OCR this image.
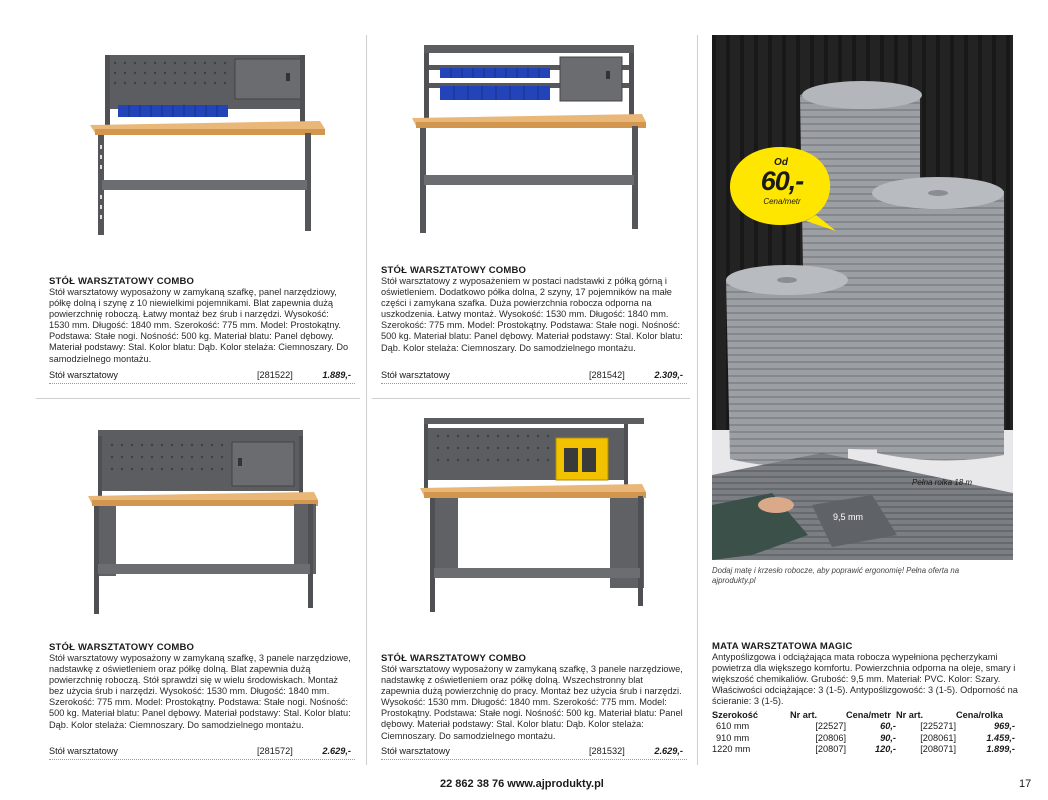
STÓŁ WARSZTATOWY COMBO

Stół warsztatowy wyposażony w zamykaną szafkę, panel narzędziowy, półkę dolną i szynę z 10 niewielkimi pojemnikami. Blat zapewnia dużą powierzchnię roboczą. Łatwy montaż bez śrub i narzędzi. Wysokość: 1530 mm. Długość: 1840 mm. Szerokość: 775 mm. Model: Prostokątny. Podstawa: Stałe nogi. Nośność: 500 kg. Materiał blatu: Panel dębowy. Materiał podstawy: Stal. Kolor blatu: Dąb. Kolor stelaża: Ciemnoszary. Do samodzielnego montażu.

Stół warsztatowy	[281522]	1.889,-

STÓŁ WARSZTATOWY COMBO

Stół warsztatowy z wyposażeniem w postaci nadstawki z półką górną i oświetleniem. Dodatkowo półka dolna, 2 szyny, 17 pojemników na małe części i zamykana szafka. Duża powierzchnia robocza odporna na uszkodzenia. Łatwy montaż. Wysokość: 1530 mm. Długość: 1840 mm. Szerokość: 775 mm. Model: Prostokątny. Podstawa: Stałe nogi. Nośność: 500 kg. Materiał blatu: Panel dębowy. Materiał podstawy: Stal. Kolor blatu: Dąb. Kolor stelaża: Ciemnoszary. Do samodzielnego montażu.

Stół warsztatowy	[281542]	2.309,-

STÓŁ WARSZTATOWY COMBO

Stół warsztatowy wyposażony w zamykaną szafkę, 3 panele narzędziowe, nadstawkę z oświetleniem oraz półkę dolną. Blat zapewnia dużą powierzchnię roboczą. Stół sprawdzi się w wielu środowiskach. Montaż bez użycia śrub i narzędzi. Wysokość: 1530 mm. Długość: 1840 mm. Szerokość: 775 mm. Model: Prostokątny. Podstawa: Stałe nogi. Nośność: 500 kg. Materiał blatu: Panel dębowy. Materiał podstawy: Stal. Kolor blatu: Dąb. Kolor stelaża: Ciemnoszary. Do samodzielnego montażu.

Stół warsztatowy	[281572]	2.629,-

STÓŁ WARSZTATOWY COMBO

Stół warsztatowy wyposażony w zamykaną szafkę, 3 panele narzędziowe, nadstawkę z oświetleniem oraz półkę dolną. Wszechstronny blat zapewnia dużą powierzchnię do pracy. Montaż bez użycia śrub i narzędzi. Wysokość: 1530 mm. Długość: 1840 mm. Szerokość: 775 mm. Model: Prostokątny. Podstawa: Stałe nogi. Nośność: 500 kg. Materiał blatu: Panel dębowy. Materiał podstawy: Stal. Kolor blatu: Dąb. Kolor stelaża: Ciemnoszary. Do samodzielnego montażu.

Stół warsztatowy	[281532]	2.629,-
Od
60,-
Cena/metr
9,5 mm
Pełna rolka 18 m
Dodaj matę i krzesło robocze, aby poprawić ergonomię! Pełna oferta na ajprodukty.pl
MATA WARSZTATOWA MAGIC
Antypoślizgowa i odciążająca mata robocza wypełniona pęcherzykami powietrza dla większego komfortu. Powierzchnia odporna na oleje, smary i większość chemikaliów. Grubość: 9,5 mm. Materiał: PVC. Kolor: Szary. Właściwości odciążające: 3 (1-5). Antypoślizgowość: 3 (1-5). Odporność na ścieranie: 3 (1-5).
Szerokość	Nr art.	Cena/metr	Nr art.	Cena/rolka
610 mm	[22527]	60,-	[225271]	969,-
910 mm	[20806]	90,-	[208061]	1.459,-
1220 mm	[20807]	120,-	[208071]	1.899,-
22 862 38 76 www.ajprodukty.pl	17
